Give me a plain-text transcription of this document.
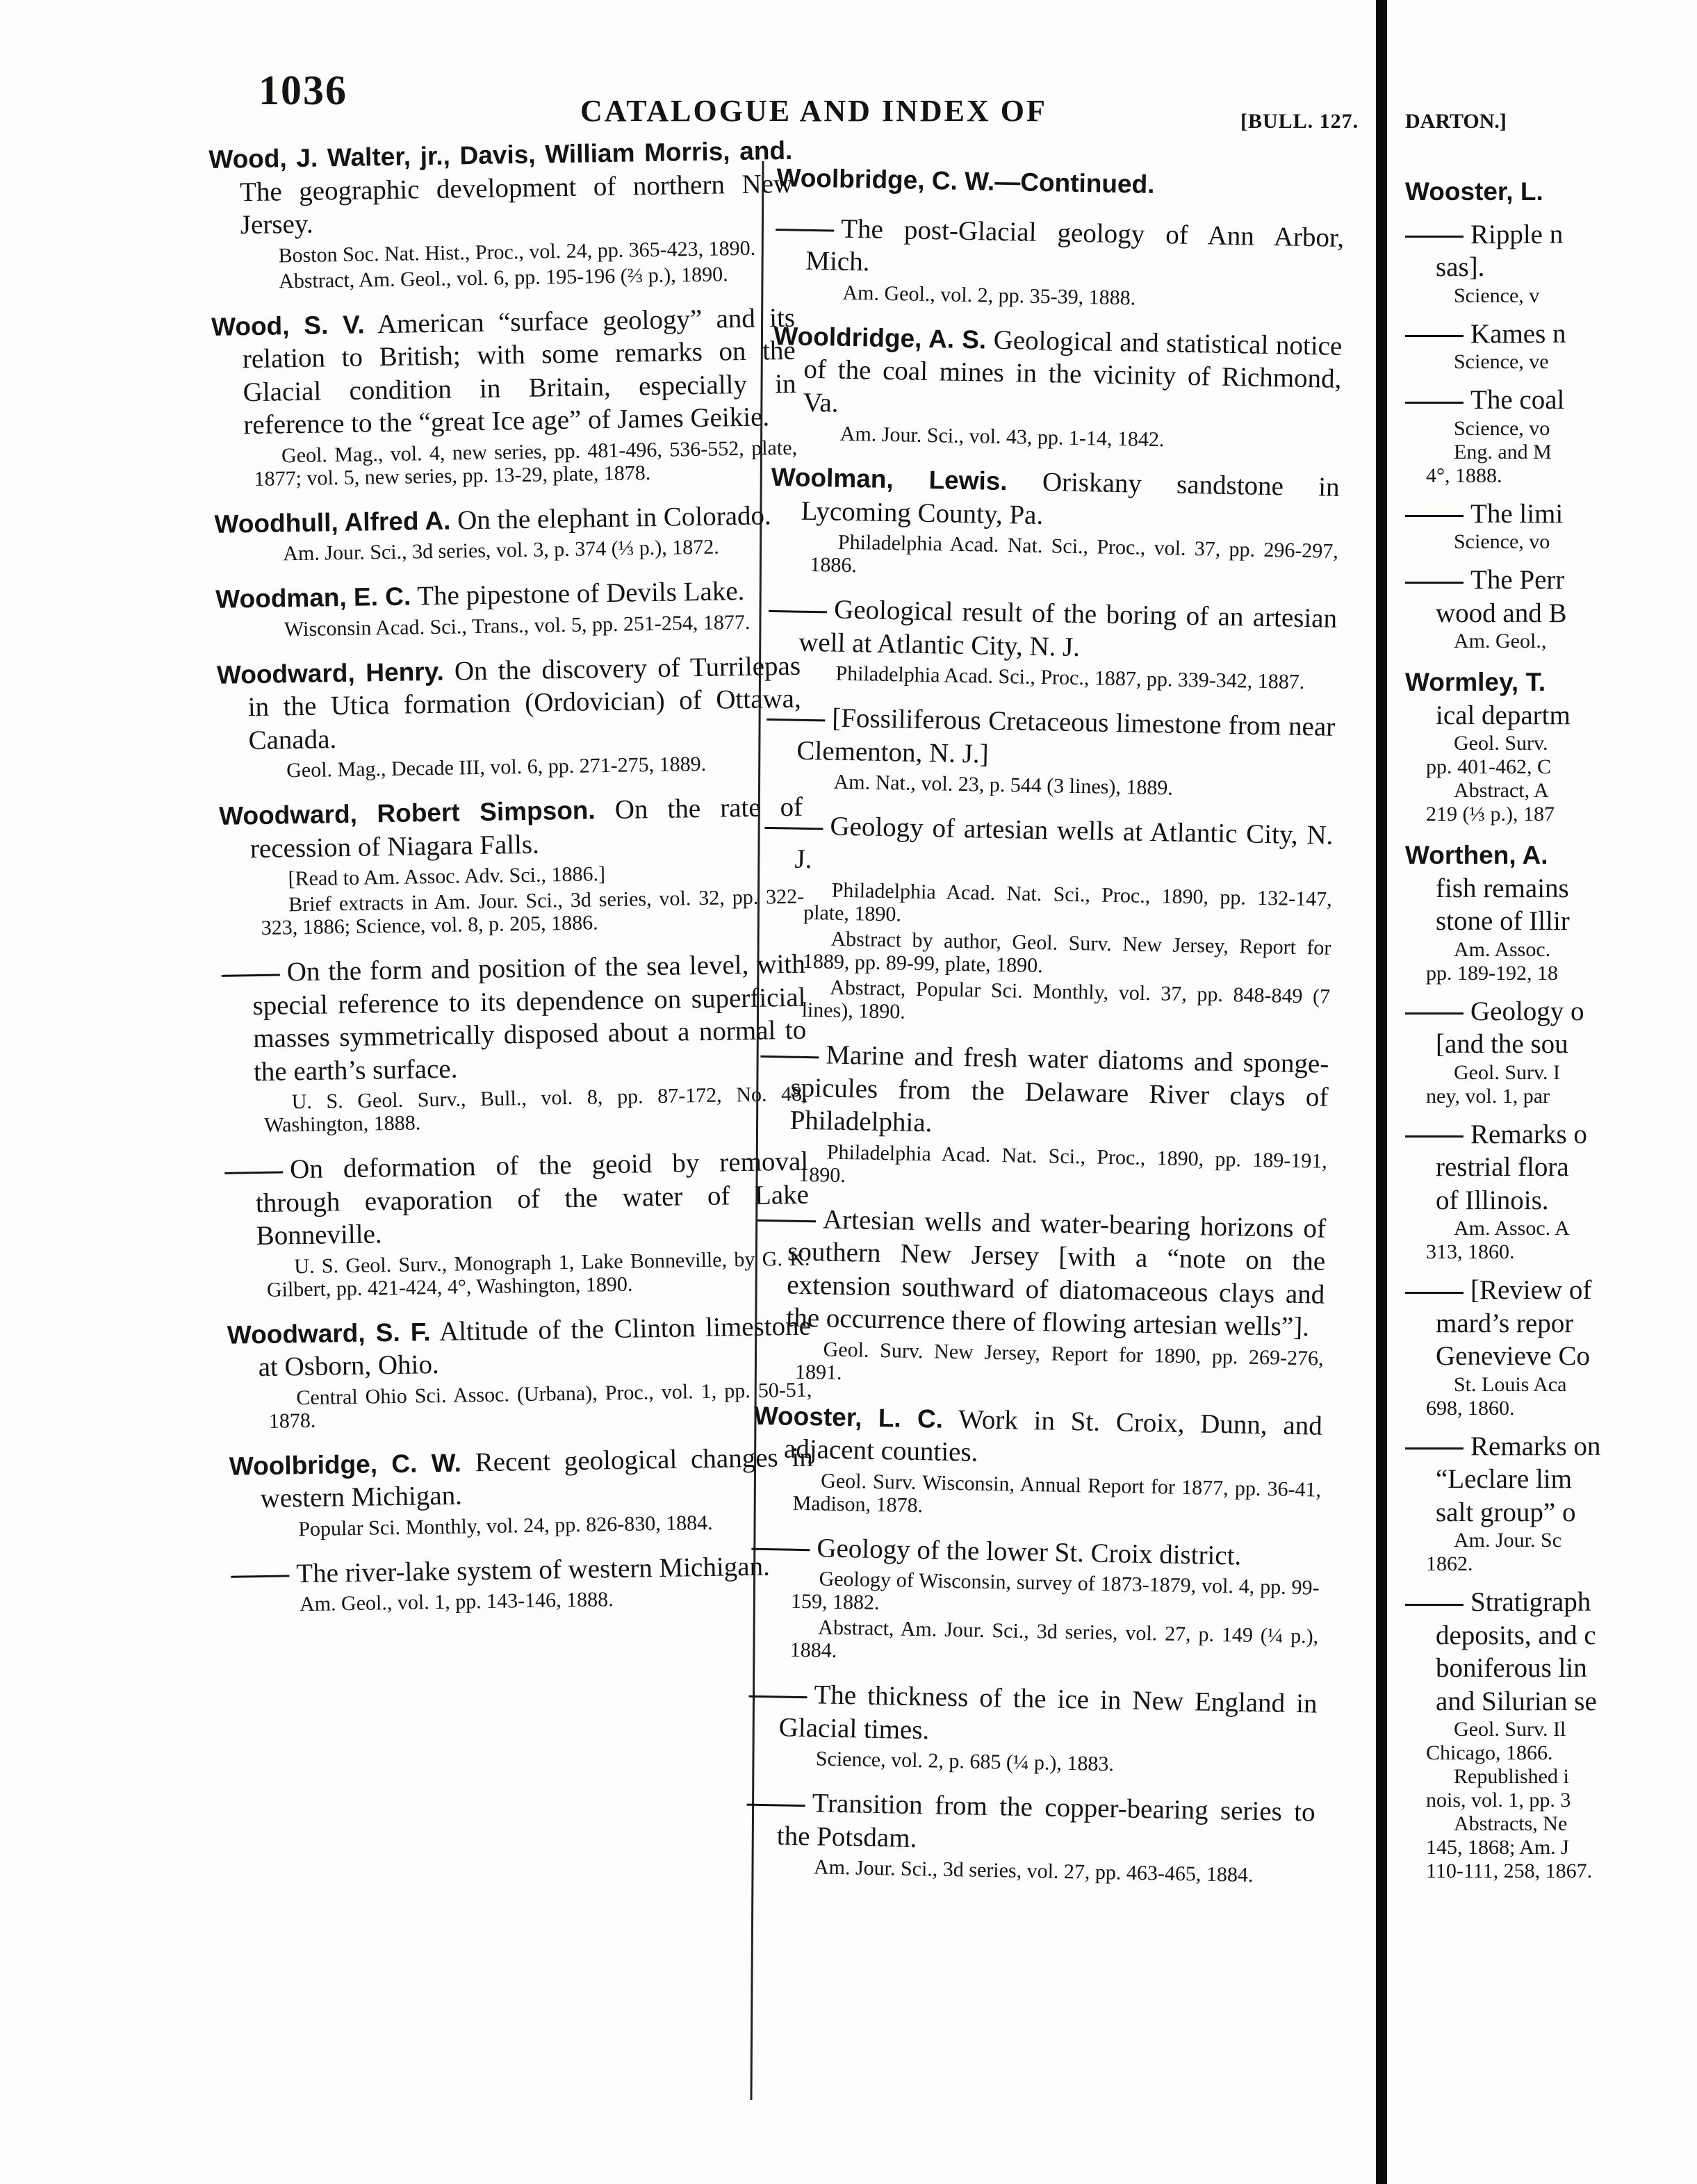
1036	CATALOGUE AND INDEX OF	[BULL. 127. DARTON.]
Wood, J. Walter, jr., Davis, William Morris, and. The geographic development of northern New Jersey.
Boston Soc. Nat. Hist., Proc., vol. 24, pp. 365-423, 1890.
Abstract, Am. Geol., vol. 6, pp. 195-196 (⅔ p.), 1890.
Wood, S. V. American “surface geology” and its relation to British; with some remarks on the Glacial condition in Britain, especially in reference to the “great Ice age” of James Geikie.
Geol. Mag., vol. 4, new series, pp. 481-496, 536-552, plate, 1877; vol. 5, new series, pp. 13-29, plate, 1878.
Woodhull, Alfred A. On the elephant in Colorado.
Am. Jour. Sci., 3d series, vol. 3, p. 374 (⅓ p.), 1872.
Woodman, E. C. The pipestone of Devils Lake.
Wisconsin Acad. Sci., Trans., vol. 5, pp. 251-254, 1877.
Woodward, Henry. On the discovery of Turrilepas in the Utica formation (Ordovician) of Ottawa, Canada.
Geol. Mag., Decade III, vol. 6, pp. 271-275, 1889.
Woodward, Robert Simpson. On the rate of recession of Niagara Falls.
[Read to Am. Assoc. Adv. Sci., 1886.]
Brief extracts in Am. Jour. Sci., 3d series, vol. 32, pp. 322-323, 1886; Science, vol. 8, p. 205, 1886.
On the form and position of the sea level, with special reference to its dependence on superficial masses symmetrically disposed about a normal to the earth’s surface.
U. S. Geol. Surv., Bull., vol. 8, pp. 87-172, No. 48, Washington, 1888.
On deformation of the geoid by removal through evaporation of the water of Lake Bonneville.
U. S. Geol. Surv., Monograph 1, Lake Bonneville, by G. K. Gilbert, pp. 421-424, 4°, Washington, 1890.
Woodward, S. F. Altitude of the Clinton limestone at Osborn, Ohio.
Central Ohio Sci. Assoc. (Urbana), Proc., vol. 1, pp. 50-51, 1878.
Woolbridge, C. W. Recent geological changes in western Michigan.
Popular Sci. Monthly, vol. 24, pp. 826-830, 1884.
The river-lake system of western Michigan.
Am. Geol., vol. 1, pp. 143-146, 1888.
Woolbridge, C. W.—Continued.
The post-Glacial geology of Ann Arbor, Mich.
Am. Geol., vol. 2, pp. 35-39, 1888.
Wooldridge, A. S. Geological and statistical notice of the coal mines in the vicinity of Richmond, Va.
Am. Jour. Sci., vol. 43, pp. 1-14, 1842.
Woolman, Lewis. Oriskany sandstone in Lycoming County, Pa.
Philadelphia Acad. Nat. Sci., Proc., vol. 37, pp. 296-297, 1886.
Geological result of the boring of an artesian well at Atlantic City, N. J.
Philadelphia Acad. Sci., Proc., 1887, pp. 339-342, 1887.
[Fossiliferous Cretaceous limestone from near Clementon, N. J.]
Am. Nat., vol. 23, p. 544 (3 lines), 1889.
Geology of artesian wells at Atlantic City, N. J.
Philadelphia Acad. Nat. Sci., Proc., 1890, pp. 132-147, plate, 1890.
Abstract by author, Geol. Surv. New Jersey, Report for 1889, pp. 89-99, plate, 1890.
Abstract, Popular Sci. Monthly, vol. 37, pp. 848-849 (7 lines), 1890.
Marine and fresh water diatoms and sponge-spicules from the Delaware River clays of Philadelphia.
Philadelphia Acad. Nat. Sci., Proc., 1890, pp. 189-191, 1890.
Artesian wells and water-bearing horizons of southern New Jersey [with a “note on the extension southward of diatomaceous clays and the occurrence there of flowing artesian wells”].
Geol. Surv. New Jersey, Report for 1890, pp. 269-276, 1891.
Wooster, L. C. Work in St. Croix, Dunn, and adjacent counties.
Geol. Surv. Wisconsin, Annual Report for 1877, pp. 36-41, Madison, 1878.
Geology of the lower St. Croix district.
Geology of Wisconsin, survey of 1873-1879, vol. 4, pp. 99-159, 1882.
Abstract, Am. Jour. Sci., 3d series, vol. 27, p. 149 (¼ p.), 1884.
The thickness of the ice in New England in Glacial times.
Science, vol. 2, p. 685 (¼ p.), 1883.
Transition from the copper-bearing series to the Potsdam.
Am. Jour. Sci., 3d series, vol. 27, pp. 463-465, 1884.
Wooster, L.
Ripple n
sas].
Science, v
Kames n
Science, ve
The coal
Science, vo
Eng. and M
4°, 1888.
The limi
Science, vo
The Perr
wood and B
Am. Geol.,
Wormley, T.
ical departm
Geol. Surv.
pp. 401-462, C
Abstract, A
219 (⅓ p.), 187
Worthen, A.
fish remains
stone of Illir
Am. Assoc.
pp. 189-192, 18
Geology o
[and the sou
Geol. Surv. I
ney, vol. 1, par
Remarks o
restrial flora
of Illinois.
Am. Assoc. A
313, 1860.
[Review of
mard’s repor
Genevieve Co
St. Louis Aca
698, 1860.
Remarks on
“Leclare lim
salt group” o
Am. Jour. Sc
1862.
Stratigraph
deposits, and c
boniferous lin
and Silurian se
Geol. Surv. Il
Chicago, 1866.
Republished i
nois, vol. 1, pp. 3
Abstracts, Ne
145, 1868; Am. J
110-111, 258, 1867.
